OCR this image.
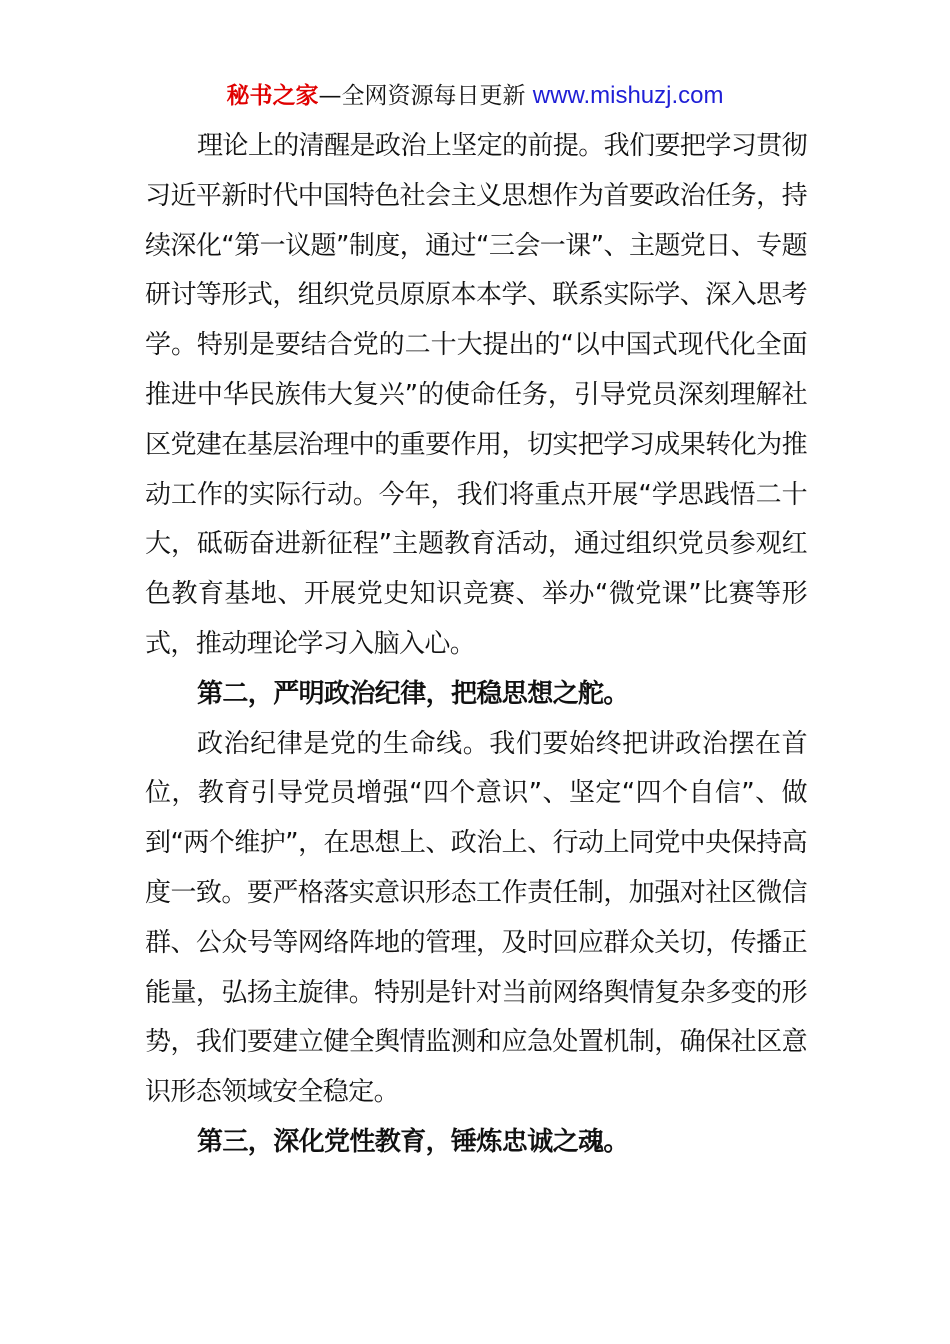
秘书之家—全网资源每日更新 www.mishuzj.com

理论上的清醒是政治上坚定的前提。我们要把学习贯彻习近平新时代中国特色社会主义思想作为首要政治任务，持续深化“第一议题”制度，通过“三会一课”、主题党日、专题研讨等形式，组织党员原原本本学、联系实际学、深入思考学。特别是要结合党的二十大提出的“以中国式现代化全面推进中华民族伟大复兴”的使命任务，引导党员深刻理解社区党建在基层治理中的重要作用，切实把学习成果转化为推动工作的实际行动。今年，我们将重点开展“学思践悟二十大，砥砺奋进新征程”主题教育活动，通过组织党员参观红色教育基地、开展党史知识竞赛、举办“微党课”比赛等形式，推动理论学习入脑入心。

第二，严明政治纪律，把稳思想之舵。

政治纪律是党的生命线。我们要始终把讲政治摆在首位，教育引导党员增强“四个意识”、坚定“四个自信”、做到“两个维护”，在思想上、政治上、行动上同党中央保持高度一致。要严格落实意识形态工作责任制，加强对社区微信群、公众号等网络阵地的管理，及时回应群众关切，传播正能量，弘扬主旋律。特别是针对当前网络舆情复杂多变的形势，我们要建立健全舆情监测和应急处置机制，确保社区意识形态领域安全稳定。

第三，深化党性教育，锤炼忠诚之魂。
